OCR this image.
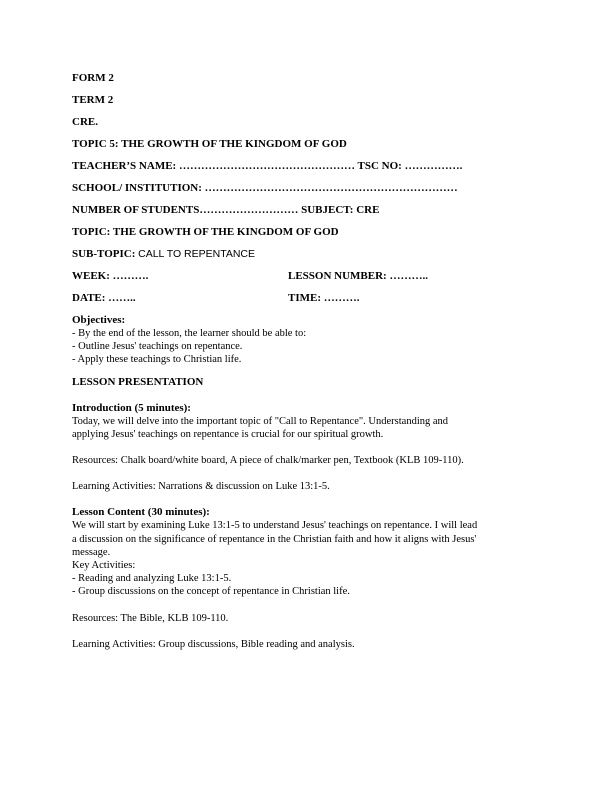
FORM 2
TERM 2
CRE.
TOPIC 5: THE GROWTH OF THE KINGDOM OF GOD
TEACHER’S NAME: ………………………………………… TSC NO: …………….
SCHOOL/ INSTITUTION: ……………………………………………………………
NUMBER OF STUDENTS……………………… SUBJECT: CRE
TOPIC: THE GROWTH OF THE KINGDOM OF GOD
SUB-TOPIC: CALL TO REPENTANCE
WEEK: ……….	LESSON NUMBER: ………..
DATE: ……..	TIME: ……….
Objectives:
- By the end of the lesson, the learner should be able to:
- Outline Jesus' teachings on repentance.
- Apply these teachings to Christian life.
LESSON PRESENTATION
Introduction (5 minutes):
Today, we will delve into the important topic of "Call to Repentance". Understanding and
applying Jesus' teachings on repentance is crucial for our spiritual growth.
Resources: Chalk board/white board, A piece of chalk/marker pen, Textbook (KLB 109-110).
Learning Activities: Narrations & discussion on Luke 13:1-5.
Lesson Content (30 minutes):
We will start by examining Luke 13:1-5 to understand Jesus' teachings on repentance. I will lead
a discussion on the significance of repentance in the Christian faith and how it aligns with Jesus'
message.
Key Activities:
- Reading and analyzing Luke 13:1-5.
- Group discussions on the concept of repentance in Christian life.
Resources: The Bible, KLB 109-110.
Learning Activities: Group discussions, Bible reading and analysis.
